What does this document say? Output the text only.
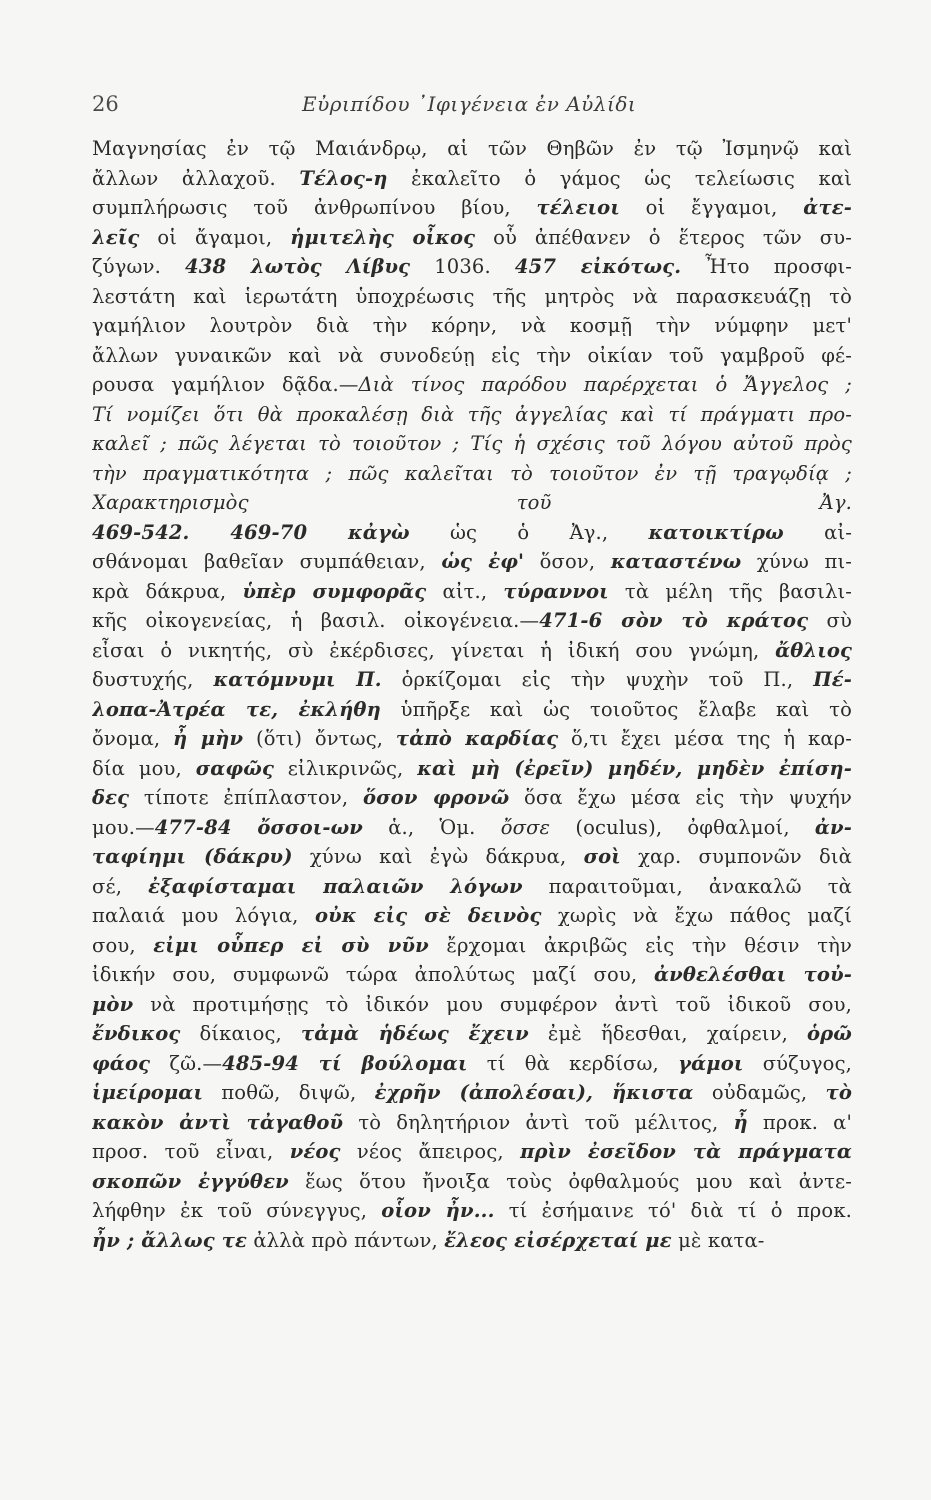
26	Εὐριπίδου ᾿Ιφιγένεια ἐν Αὐλίδι
Μαγνησίας ἐν τῷ Μαιάνδρῳ, αἱ τῶν Θηβῶν ἐν τῷ Ἰσμηνῷ καὶ
ἄλλων ἀλλαχοῦ. Τέλος-η ἐκαλεῖτο ὁ γάμος ὡς τελείωσις καὶ
συμπλήρωσις τοῦ ἀνθρωπίνου βίου, τέλειοι οἱ ἔγγαμοι, ἀτε-
λεῖς οἱ ἄγαμοι, ἡμιτελὴς οἶκος οὗ ἀπέθανεν ὁ ἕτερος τῶν συ-
ζύγων. 438 λωτὸς Λίβυς 1036. 457 εἰκότως. Ἦτο προσφι-
λεστάτη καὶ ἱερωτάτη ὑποχρέωσις τῆς μητρὸς νὰ παρασκευάζῃ τὸ
γαμήλιον λουτρὸν διὰ τὴν κόρην, νὰ κοσμῇ τὴν νύμφην μετ'
ἄλλων γυναικῶν καὶ νὰ συνοδεύῃ εἰς τὴν οἰκίαν τοῦ γαμβροῦ φέ-
ρουσα γαμήλιον δᾷδα.—Διὰ τίνος παρόδου παρέρχεται ὁ Ἄγγελος ;
Τί νομίζει ὅτι θὰ προκαλέσῃ διὰ τῆς ἀγγελίας καὶ τί πράγματι προ-
καλεῖ ; πῶς λέγεται τὸ τοιοῦτον ; Τίς ἡ σχέσις τοῦ λόγου αὐτοῦ πρὸς
τὴν πραγματικότητα ; πῶς καλεῖται τὸ τοιοῦτον ἐν τῇ τραγῳδίᾳ ;
Χαρακτηρισμὸς τοῦ Ἀγ.
469-542. 469-70 κἀγὼ ὡς ὁ Ἀγ., κατοικτίρω αἰ-
σθάνομαι βαθεῖαν συμπάθειαν, ὡς ἐφ' ὅσον, καταστένω χύνω πι-
κρὰ δάκρυα, ὑπὲρ συμφορᾶς αἰτ., τύραννοι τὰ μέλη τῆς βασιλι-
κῆς οἰκογενείας, ἡ βασιλ. οἰκογένεια.—471-6 σὸν τὸ κράτος σὺ
εἶσαι ὁ νικητής, σὺ ἐκέρδισες, γίνεται ἡ ἰδική σου γνώμη, ἄθλιος
δυστυχής, κατόμνυμι Π. ὁρκίζομαι εἰς τὴν ψυχὴν τοῦ Π., Πέ-
λοπα-Ἀτρέα τε, ἐκλήθη ὑπῆρξε καὶ ὡς τοιοῦτος ἔλαβε καὶ τὸ
ὄνομα, ἦ μὴν (ὅτι) ὄντως, τἀπὸ καρδίας ὅ,τι ἔχει μέσα της ἡ καρ-
δία μου, σαφῶς εἰλικρινῶς, καὶ μὴ (ἐρεῖν) μηδέν, μηδὲν ἐπίση-
δες τίποτε ἐπίπλαστον, ὅσον φρονῶ ὅσα ἔχω μέσα εἰς τὴν ψυχήν
μου.—477-84 ὄσσοι-ων ἁ., Ὁμ. ὄσσε (oculus), ὀφθαλμοί, ἀν-
ταφίημι (δάκρυ) χύνω καὶ ἐγὼ δάκρυα, σοὶ χαρ. συμπονῶν διὰ
σέ, ἐξαφίσταμαι παλαιῶν λόγων παραιτοῦμαι, ἀνακαλῶ τὰ
παλαιά μου λόγια, οὐκ εἰς σὲ δεινὸς χωρὶς νὰ ἔχω πάθος μαζί
σου, εἰμι οὗπερ εἰ σὺ νῦν ἔρχομαι ἀκριβῶς εἰς τὴν θέσιν τὴν
ἰδικήν σου, συμφωνῶ τώρα ἀπολύτως μαζί σου, ἀνθελέσθαι τοὐ-
μὸν νὰ προτιμήσῃς τὸ ἰδικόν μου συμφέρον ἀντὶ τοῦ ἰδικοῦ σου,
ἔνδικος δίκαιος, τἀμὰ ἡδέως ἔχειν ἐμὲ ἥδεσθαι, χαίρειν, ὁρῶ
φάος ζῶ.—485-94 τί βούλομαι τί θὰ κερδίσω, γάμοι σύζυγος,
ἱμείρομαι ποθῶ, διψῶ, ἐχρῆν (ἀπολέσαι), ἥκιστα οὐδαμῶς, τὸ
κακὸν ἀντὶ τἀγαθοῦ τὸ δηλητήριον ἀντὶ τοῦ μέλιτος, ἦ προκ. α'
προσ. τοῦ εἶναι, νέος νέος ἄπειρος, πρὶν ἐσεῖδον τὰ πράγματα
σκοπῶν ἐγγύθεν ἕως ὅτου ἤνοιξα τοὺς ὀφθαλμούς μου καὶ ἀντε-
λήφθην ἐκ τοῦ σύνεγγυς, οἷον ἦν... τί ἐσήμαινε τό' διὰ τί ὁ προκ.
ἦν ; ἄλλως τε ἀλλὰ πρὸ πάντων, ἔλεος εἰσέρχεταί με μὲ κατα-
